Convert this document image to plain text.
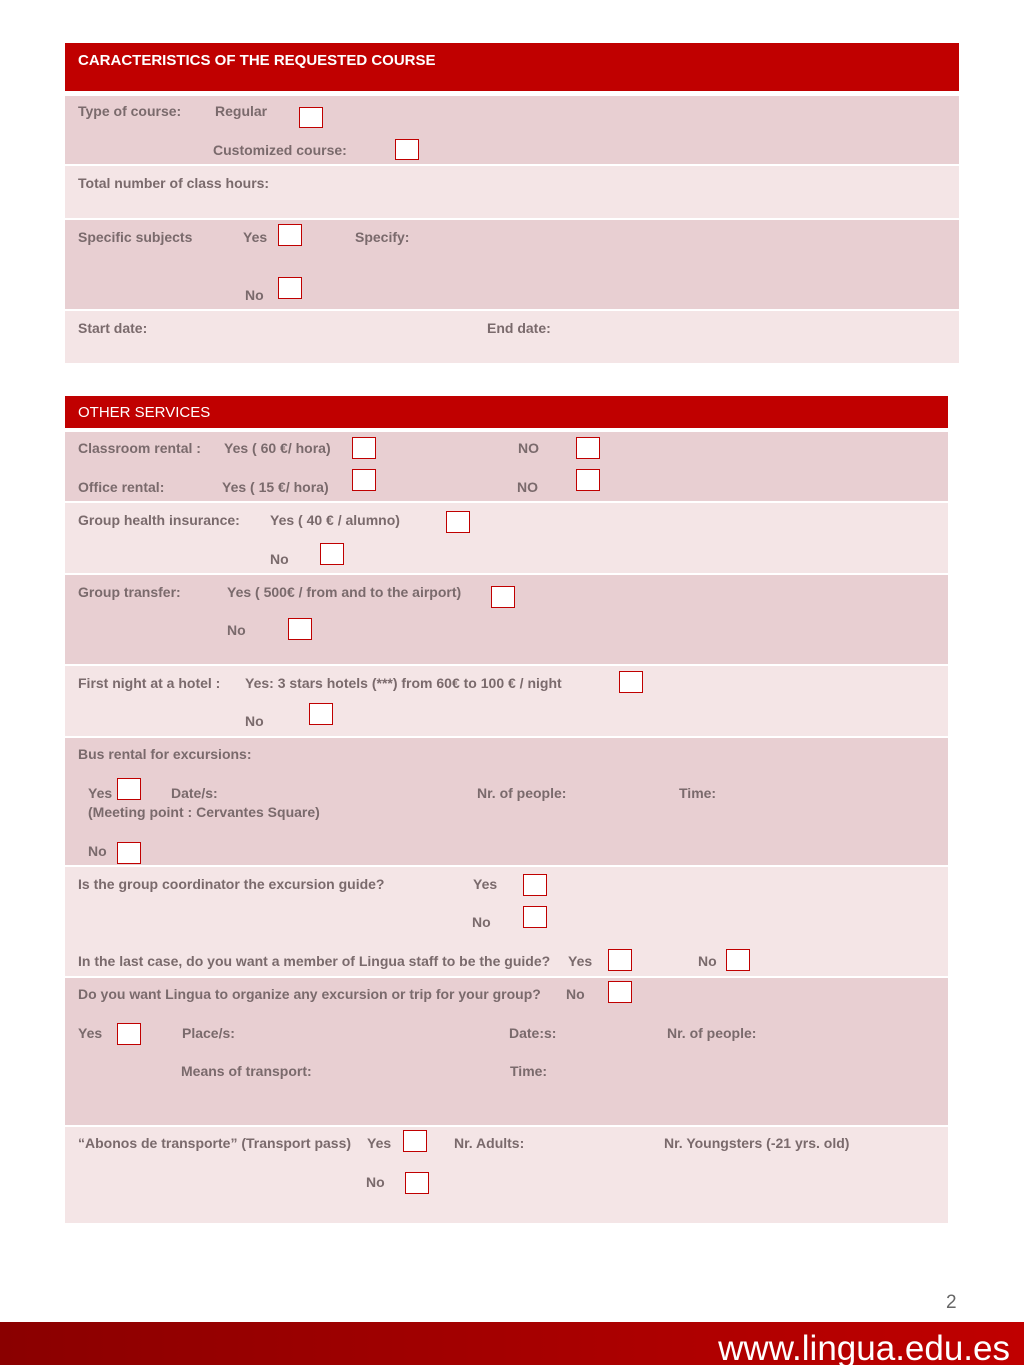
CARACTERISTICS OF THE REQUESTED COURSE
Type of course: Regular
Customized course:
Total number of class hours:
Specific subjects	Yes	Specify:
No
Start date:	End date:
OTHER SERVICES
Classroom rental : Yes ( 60 €/ hora)	NO
Office rental:	Yes ( 15 €/ hora)	NO
Group health insurance: Yes ( 40 € / alumno)
No
Group transfer:	Yes ( 500€ / from and to the airport)
No
First night at a hotel : Yes: 3 stars hotels (***) from 60€ to 100 € / night
No
Bus rental for excursions:
Yes	Date/s:	Nr. of people:	Time:
(Meeting point : Cervantes Square)
No
Is the group coordinator the excursion guide?	Yes
No
In the last case, do you want a member of Lingua staff to be the guide? Yes	No
Do you want Lingua to organize any excursion or trip for your group? No
Yes	Place/s:	Date:s:	Nr. of people:
Means of transport:	Time:
“Abonos de transporte” (Transport pass) Yes	Nr. Adults:	Nr. Youngsters (-21 yrs. old)
No
2
www.lingua.edu.es
